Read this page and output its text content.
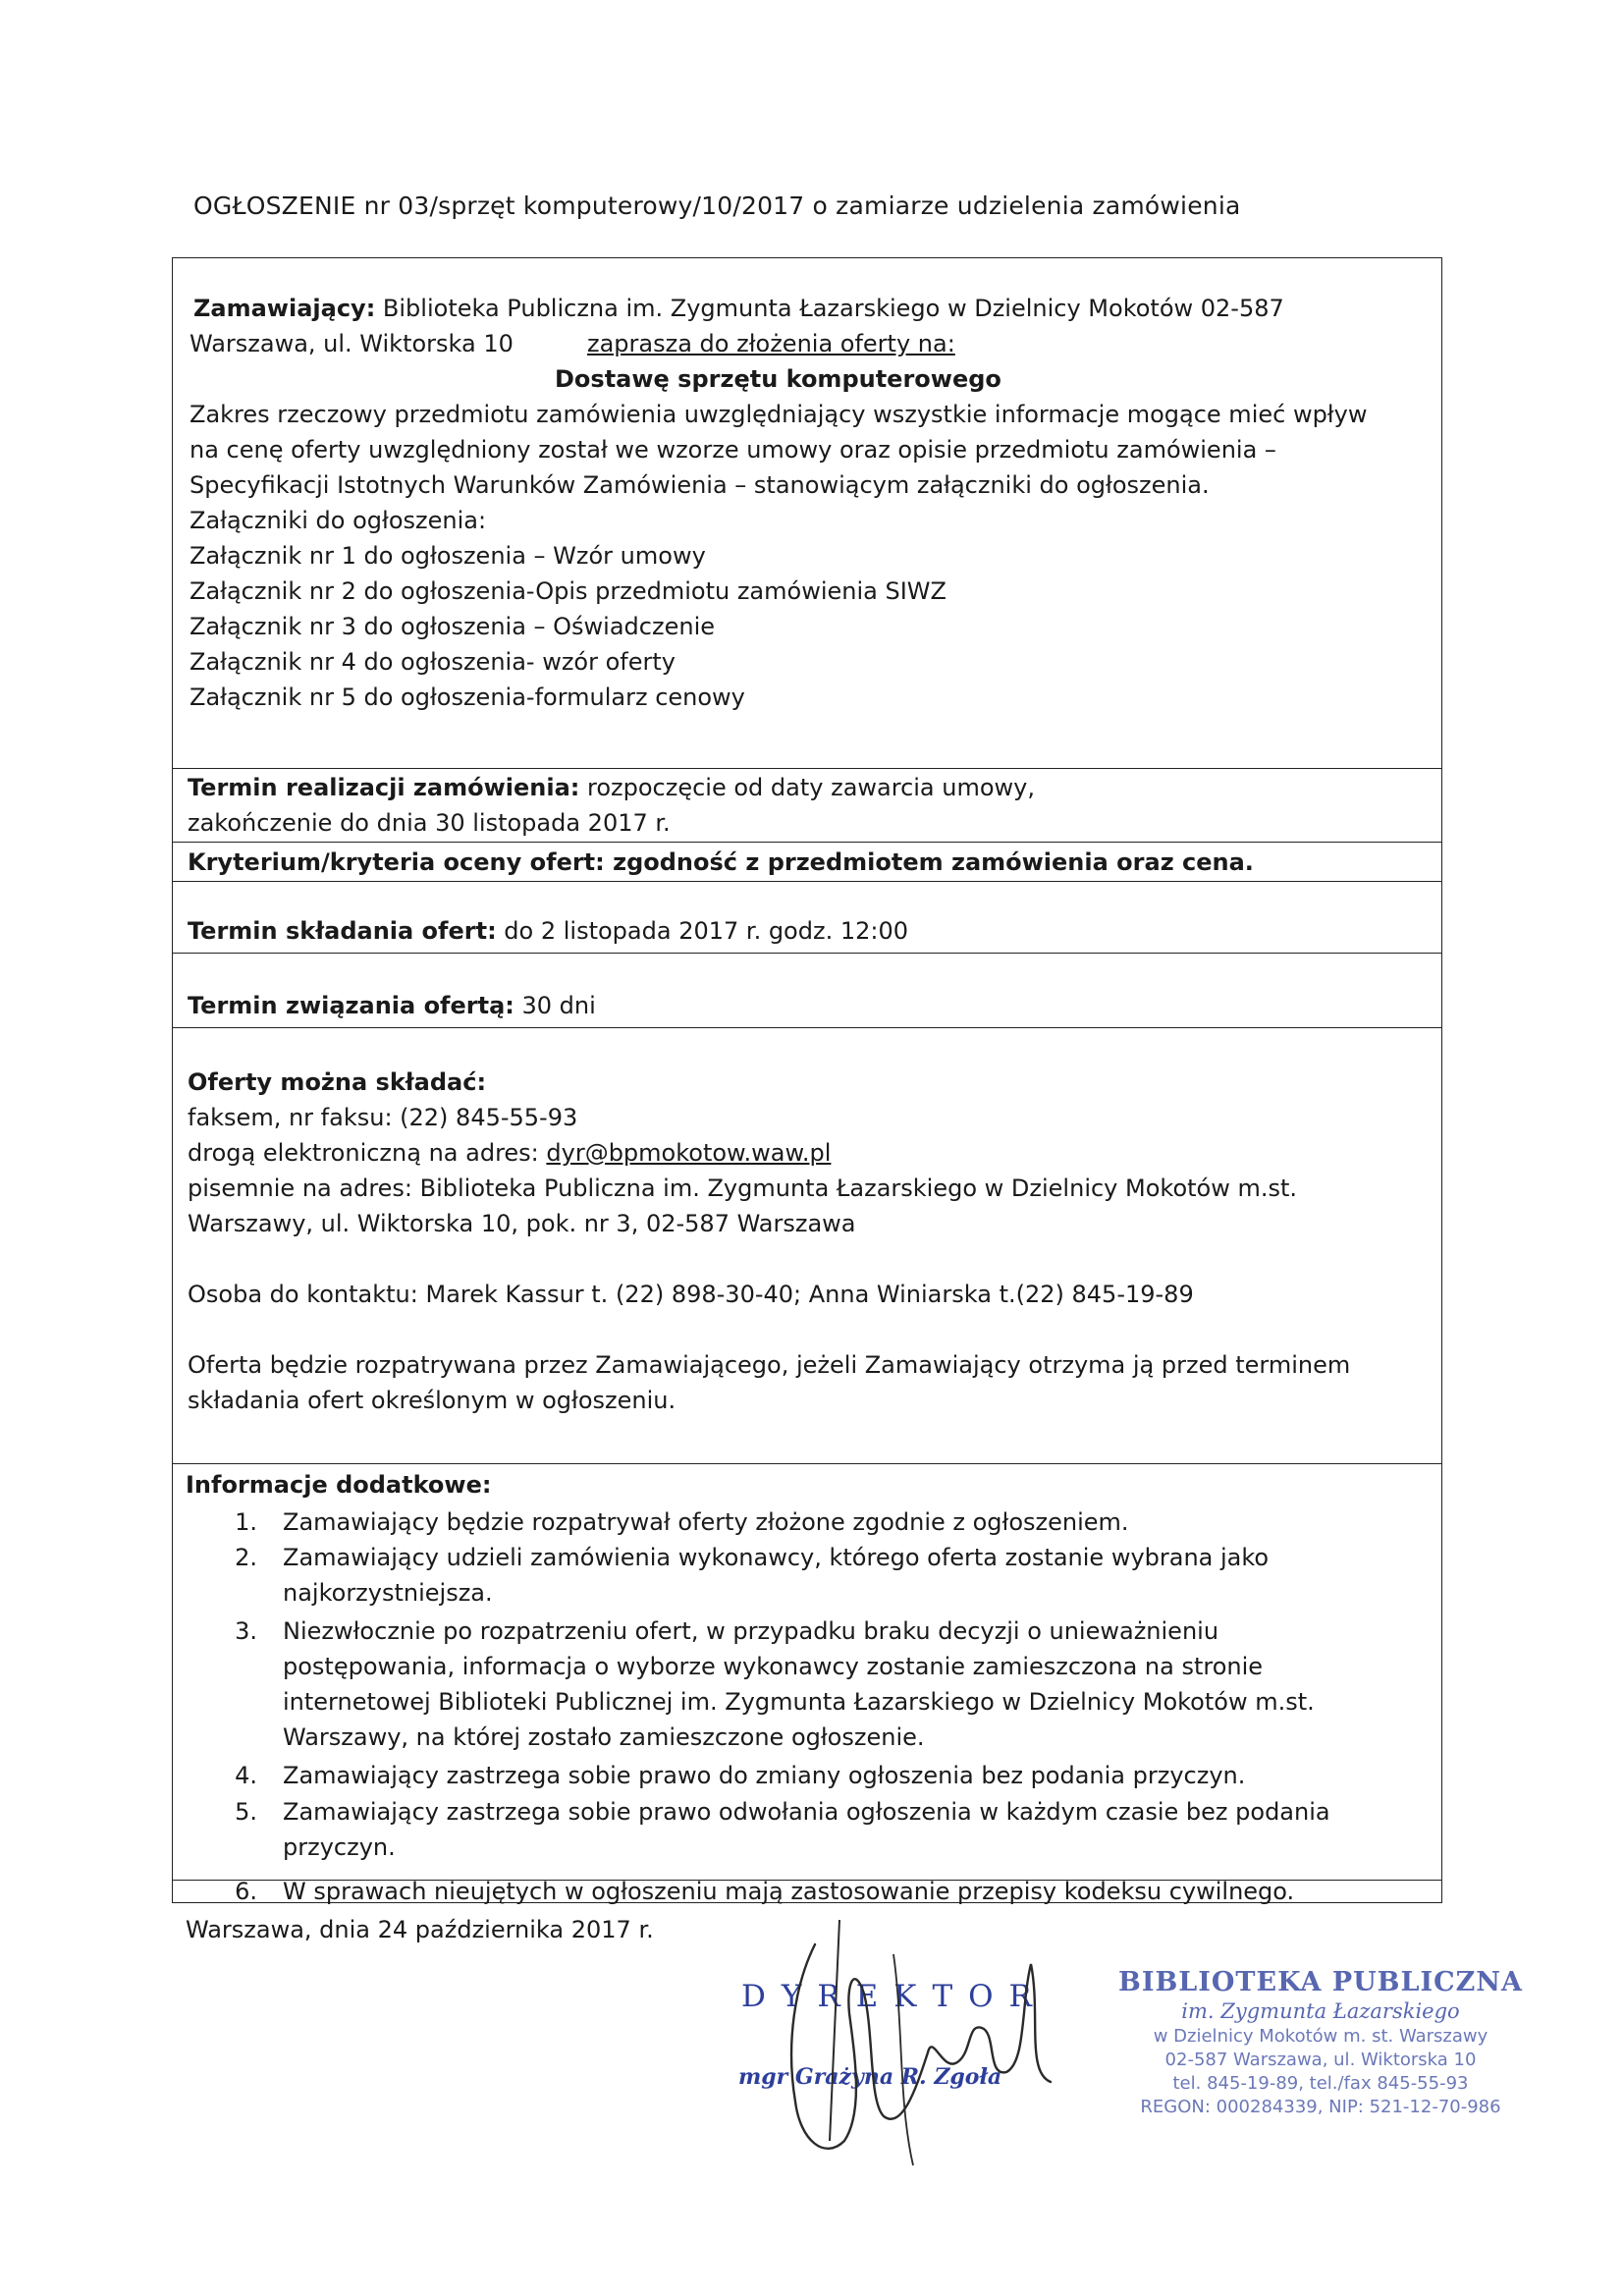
OGŁOSZENIE nr 03/sprzęt komputerowy/10/2017 o zamiarze udzielenia zamówienia
Zamawiający: Biblioteka Publiczna im. Zygmunta Łazarskiego w Dzielnicy Mokotów 02-587
Warszawa, ul. Wiktorska 10	zaprasza do złożenia oferty na:
Dostawę sprzętu komputerowego
Zakres rzeczowy przedmiotu zamówienia uwzględniający wszystkie informacje mogące mieć wpływ
na cenę oferty uwzględniony został we wzorze umowy oraz opisie przedmiotu zamówienia –
Specyfikacji Istotnych Warunków Zamówienia – stanowiącym załączniki do ogłoszenia.
Załączniki do ogłoszenia:
Załącznik nr 1 do ogłoszenia – Wzór umowy
Załącznik nr 2 do ogłoszenia-Opis przedmiotu zamówienia SIWZ
Załącznik nr 3 do ogłoszenia – Oświadczenie
Załącznik nr 4 do ogłoszenia- wzór oferty
Załącznik nr 5 do ogłoszenia-formularz cenowy
Termin realizacji zamówienia: rozpoczęcie od daty zawarcia umowy,
zakończenie do dnia 30 listopada 2017 r.
Kryterium/kryteria oceny ofert: zgodność z przedmiotem zamówienia oraz cena.
Termin składania ofert: do 2 listopada 2017 r. godz. 12:00
Termin związania ofertą: 30 dni
Oferty można składać:
faksem, nr faksu: (22) 845-55-93
drogą elektroniczną na adres: dyr@bpmokotow.waw.pl
pisemnie na adres: Biblioteka Publiczna im. Zygmunta Łazarskiego w Dzielnicy Mokotów m.st.
Warszawy, ul. Wiktorska 10, pok. nr 3, 02-587 Warszawa
Osoba do kontaktu: Marek Kassur t. (22) 898-30-40; Anna Winiarska t.(22) 845-19-89
Oferta będzie rozpatrywana przez Zamawiającego, jeżeli Zamawiający otrzyma ją przed terminem
składania ofert określonym w ogłoszeniu.
Informacje dodatkowe:
1. Zamawiający będzie rozpatrywał oferty złożone zgodnie z ogłoszeniem.
2. Zamawiający udzieli zamówienia wykonawcy, którego oferta zostanie wybrana jako
najkorzystniejsza.
3. Niezwłocznie po rozpatrzeniu ofert, w przypadku braku decyzji o unieważnieniu
postępowania, informacja o wyborze wykonawcy zostanie zamieszczona na stronie
internetowej Biblioteki Publicznej im. Zygmunta Łazarskiego w Dzielnicy Mokotów m.st.
Warszawy, na której zostało zamieszczone ogłoszenie.
4. Zamawiający zastrzega sobie prawo do zmiany ogłoszenia bez podania przyczyn.
5. Zamawiający zastrzega sobie prawo odwołania ogłoszenia w każdym czasie bez podania
przyczyn.
6. W sprawach nieujętych w ogłoszeniu mają zastosowanie przepisy kodeksu cywilnego.
Warszawa, dnia 24 października 2017 r.
DYREKTOR
mgr Grażyna R. Zgoła
BIBLIOTEKA PUBLICZNA
im. Zygmunta Łazarskiego
w Dzielnicy Mokotów m. st. Warszawy
02-587 Warszawa, ul. Wiktorska 10
tel. 845-19-89, tel./fax 845-55-93
REGON: 000284339, NIP: 521-12-70-986
